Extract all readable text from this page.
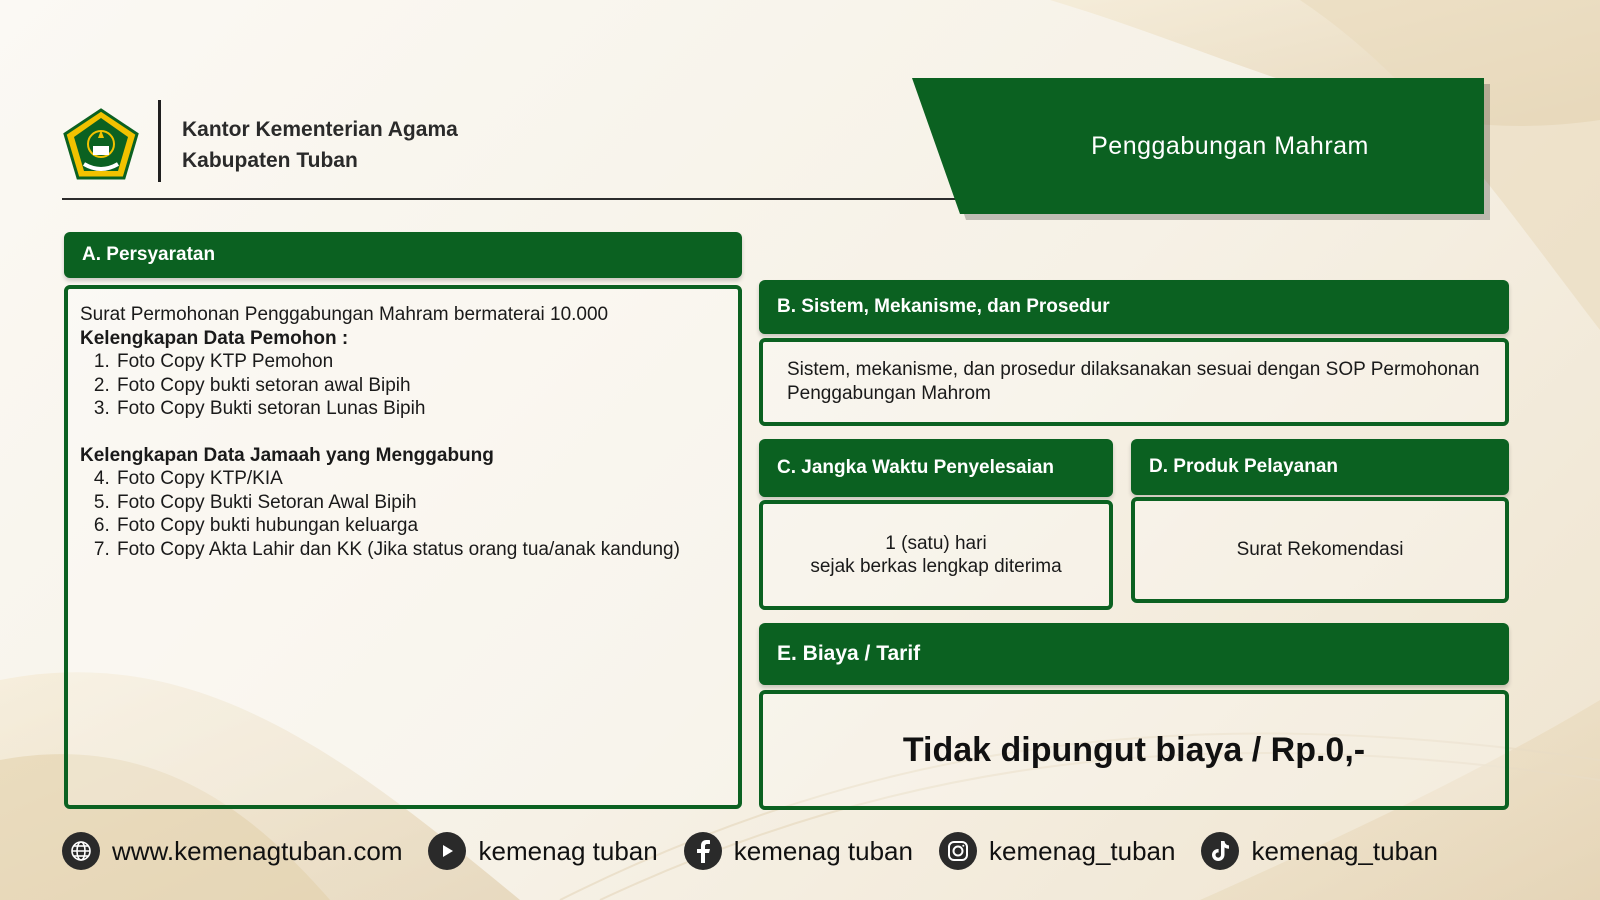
Kantor Kementerian Agama
Kabupaten Tuban
Penggabungan Mahram
A. Persyaratan
Surat Permohonan Penggabungan Mahram bermaterai 10.000
Kelengkapan Data Pemohon :
1. Foto Copy KTP Pemohon
2. Foto Copy bukti setoran awal Bipih
3. Foto Copy Bukti setoran Lunas Bipih
Kelengkapan Data Jamaah yang Menggabung
4. Foto Copy KTP/KIA
5. Foto Copy Bukti Setoran Awal Bipih
6. Foto Copy bukti hubungan keluarga
7. Foto Copy Akta Lahir dan KK (Jika status orang tua/anak kandung)
B. Sistem, Mekanisme, dan Prosedur
Sistem, mekanisme, dan prosedur dilaksanakan sesuai dengan SOP Permohonan Penggabungan Mahrom
C. Jangka Waktu Penyelesaian
1 (satu) hari
sejak berkas lengkap diterima
D. Produk Pelayanan
Surat Rekomendasi
E. Biaya / Tarif
Tidak dipungut biaya / Rp.0,-
www.kemenagtuban.com	kemenag tuban	kemenag tuban	kemenag_tuban	kemenag_tuban
